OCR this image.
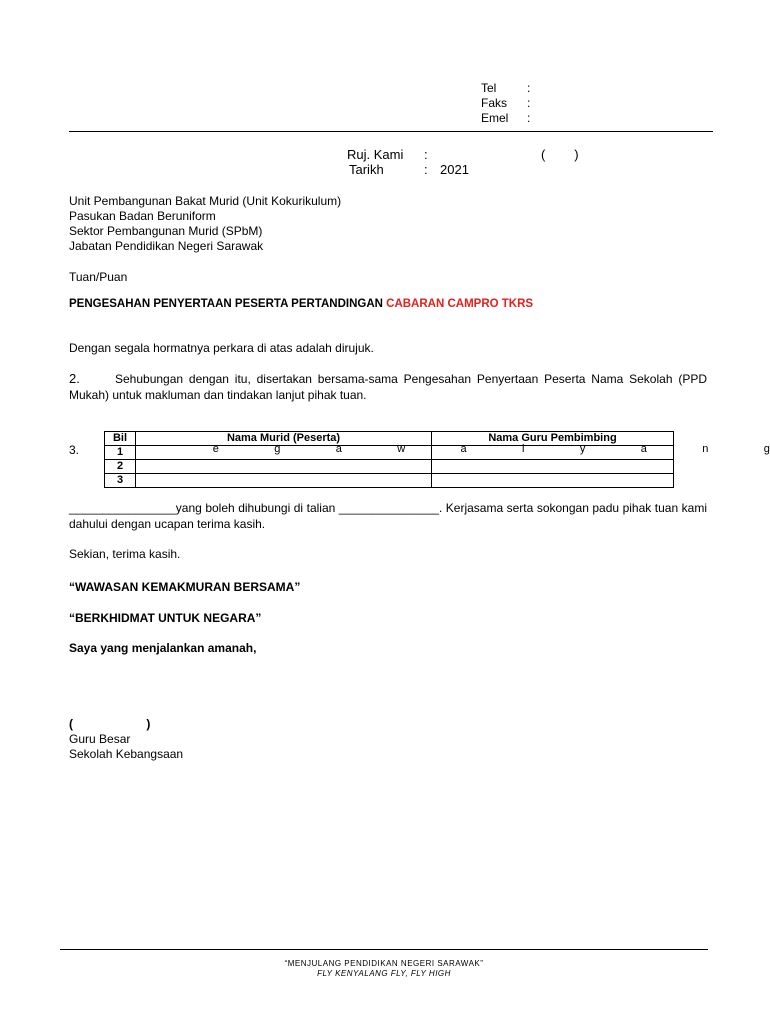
Tel	:
Faks :
Emel :
Ruj. Kami :	(        )
Tarikh	: 2021
Unit Pembangunan Bakat Murid (Unit Kokurikulum)
Pasukan Badan Beruniform
Sektor Pembangunan Murid (SPbM)
Jabatan Pendidikan Negeri Sarawak
Tuan/Puan
PENGESAHAN PENYERTAAN PESERTA PERTANDINGAN CABARAN CAMPRO TKRS
Dengan segala hormatnya perkara di atas adalah dirujuk.
2.	Sehubungan dengan itu, disertakan bersama-sama Pengesahan Penyertaan Peserta Nama Sekolah (PPD Mukah) untuk makluman dan tindakan lanjut pihak tuan.
3.	e	g	a	w	a	i	y	a	n	g
Bil	Nama Murid (Peserta)	Nama Guru Pembimbing
1		
2		
3		
________________yang boleh dihubungi di talian _______________. Kerjasama serta sokongan padu pihak tuan kami dahului dengan ucapan terima kasih.
Sekian, terima kasih.
“WAWASAN KEMAKMURAN BERSAMA”
“BERKHIDMAT UNTUK NEGARA”
Saya yang menjalankan amanah,
(                      )
Guru Besar
Sekolah Kebangsaan
“MENJULANG PENDIDIKAN NEGERI SARAWAK”
FLY KENYALANG FLY, FLY HIGH
